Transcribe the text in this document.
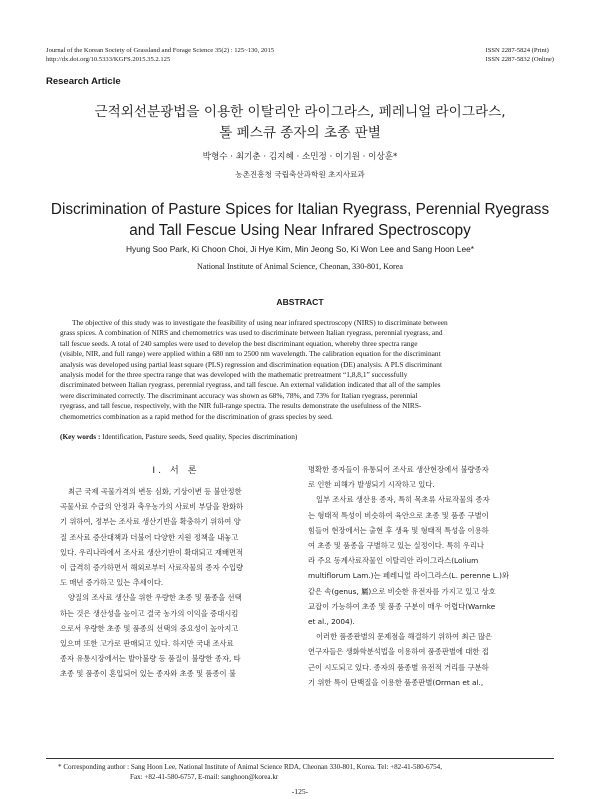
Journal of the Korean Society of Grassland and Forage Science 35(2) : 125~130, 2015
http://dx.doi.org/10.5333/KGFS.2015.35.2.125
ISSN 2287-5824 (Print)
ISSN 2287-5832 (Online)
Research Article
근적외선분광법을 이용한 이탈리안 라이그라스, 페레니얼 라이그라스,
톨 페스큐 종자의 초종 판별
박형수 · 최기춘 · 김지혜 · 소민정 · 이기원 · 이상훈*
농촌진흥청 국립축산과학원 초지사료과
Discrimination of Pasture Spices for Italian Ryegrass, Perennial Ryegrass
and Tall Fescue Using Near Infrared Spectroscopy
Hyung Soo Park, Ki Choon Choi, Ji Hye Kim, Min Jeong So, Ki Won Lee and Sang Hoon Lee*
National Institute of Animal Science, Cheonan, 330-801, Korea
ABSTRACT
The objective of this study was to investigate the feasibility of using near infrared spectroscopy (NIRS) to discriminate between
grass spices. A combination of NIRS and chemometrics was used to discriminate between Italian ryegrass, perennial ryegrass, and
tall fescue seeds. A total of 240 samples were used to develop the best discriminant equation, whereby three spectra range
(visible, NIR, and full range) were applied within a 680 nm to 2500 nm wavelength. The calibration equation for the discriminant
analysis was developed using partial least square (PLS) regression and discrimination equation (DE) analysis. A PLS discriminant
analysis model for the three spectra range that was developed with the mathematic pretreatment “1,8,8,1” successfully
discriminated between Italian ryegrass, perennial ryegrass, and tall fescue. An external validation indicated that all of the samples
were discriminated correctly. The discriminant accuracy was shown as 68%, 78%, and 73% for Italian ryegrass, perennial
ryegrass, and tall fescue, respectively, with the NIR full-range spectra. The results demonstrate the usefulness of the NIRS-
chemometrics combination as a rapid method for the discrimination of grass species by seed.
(Key words : Identification, Pasture seeds, Seed quality, Species discrimination)
Ⅰ. 서 론
최근 국제 곡물가격의 변동 심화, 기상이변 등 불안정한
곡물사료 수급의 안정과 축우농가의 사료비 부담을 완화하
기 위하여, 정부는 조사료 생산기반을 확충하기 위하여 양
질 조사료 증산대책과 더불어 다양한 지원 정책을 내놓고
있다. 우리나라에서 조사료 생산기반이 확대되고 재배면적
이 급격히 증가하면서 해외로부터 사료작물의 종자 수입량
도 매년 증가하고 있는 추세이다.
양질의 조사료 생산을 위한 우량한 초종 및 품종을 선택
하는 것은 생산성을 높이고 결국 농가의 이익을 증대시킴
으로서 우량한 초종 및 품종의 선택의 중요성이 높아지고
있으며 또한 고가로 판매되고 있다. 하지만 국내 조사료
종자 유통시장에서는 발아불량 등 품질이 불량한 종자, 타
초종 및 품종이 혼입되어 있는 종자와 초종 및 품종이 불
명확한 종자들이 유통되어 조사료 생산현장에서 불량종자
로 인한 피해가 발생되기 시작하고 있다.
일부 조사료 생산용 종자, 특히 목초류 사료작물의 종자
는 형태적 특성이 비슷하여 육안으로 초종 및 품종 구별이
힘들어 현장에서는 출현 후 생육 및 형태적 특성을 이용하
여 초종 및 품종을 구별하고 있는 실정이다. 특히 우리나
라 주요 동계사료작물인 이탈리안 라이그라스(Lolium
multiflorum Lam.)는 페레니얼 라이그라스(L. perenne L.)와
같은 속(genus, 屬)으로 비슷한 유전자를 가지고 있고 상호
교잡이 가능하여 초종 및 품종 구분이 매우 어렵다(Warnke
et al., 2004).
이러한 품종판별의 문제점을 해결하기 위하여 최근 많은
연구자들은 생화학분석법을 이용하여 품종판별에 대한 접
근이 시도되고 있다. 종자의 품종별 유전적 거리를 구분하
기 위한 특이 단백질을 이용한 품종판별(Orman et al.,
* Corresponding author : Sang Hoon Lee, National Institute of Animal Science RDA, Cheonan 330-801, Korea. Tel: +82-41-580-6754,
Fax: +82-41-580-6757, E-mail: sanghoon@korea.kr
-125-
